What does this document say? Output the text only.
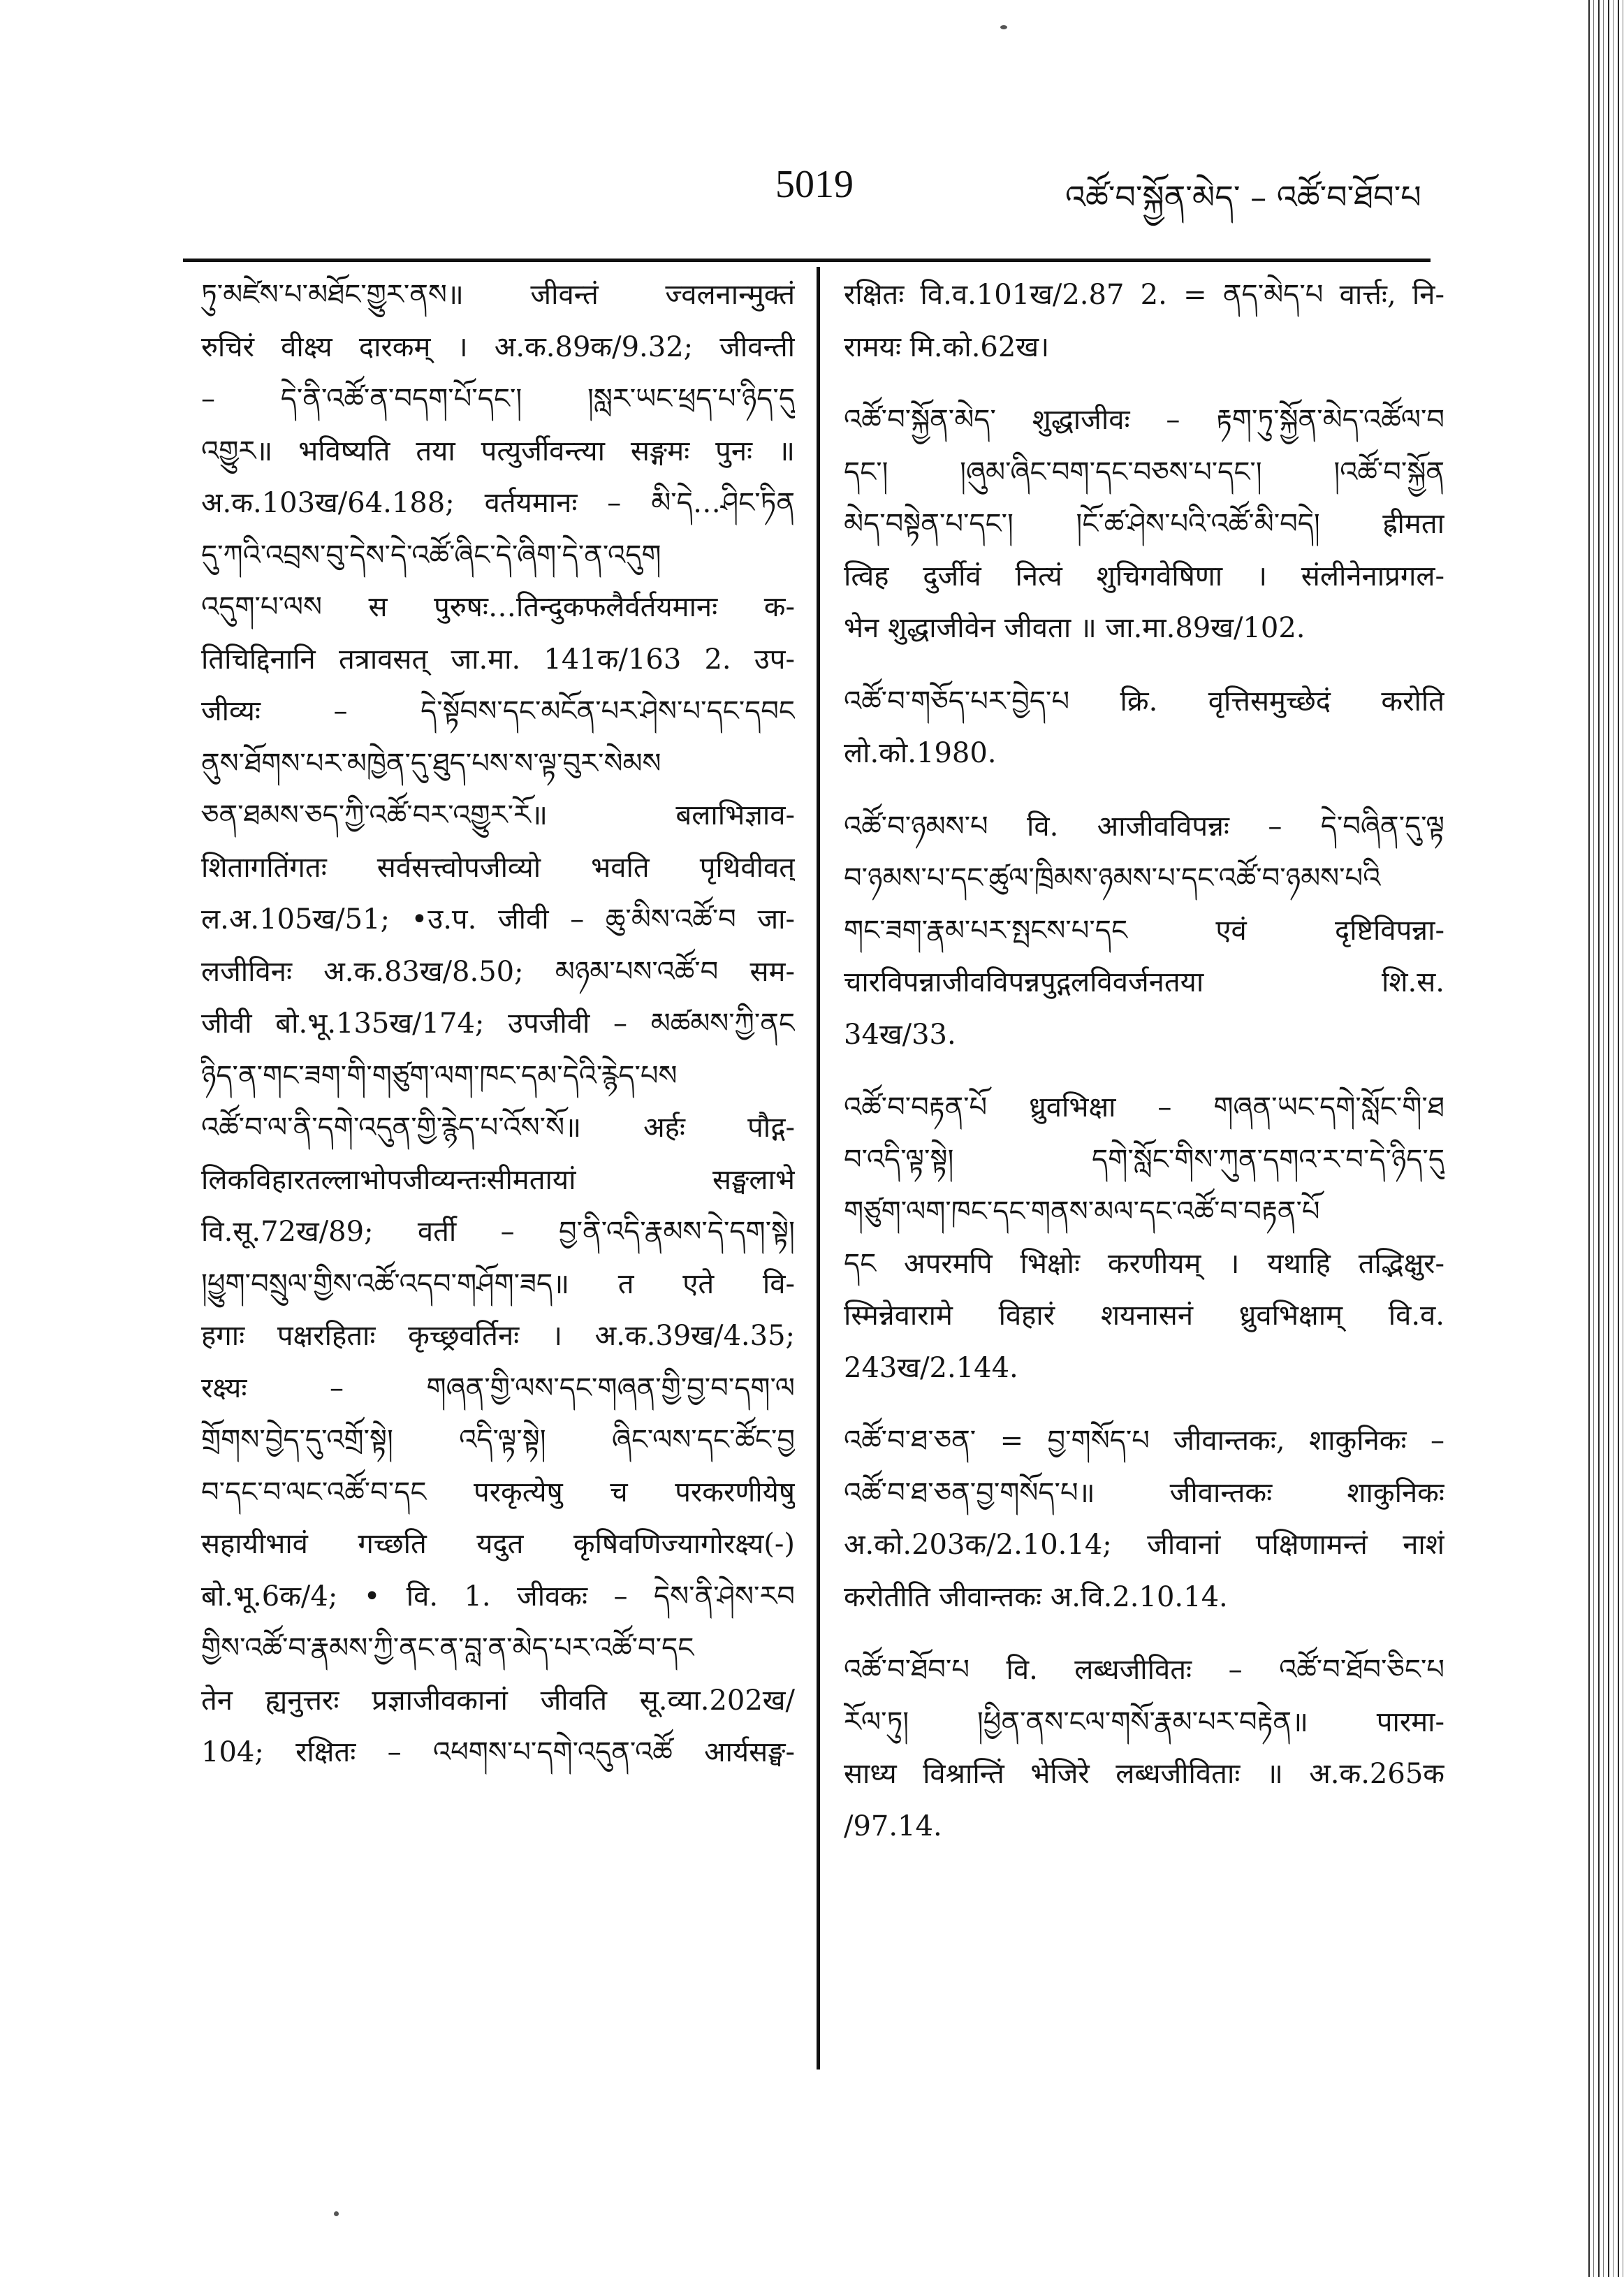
5019	འཚོ་བ་སྐྱོན་མེད་ – འཚོ་བ་ཐོབ་པ
ཏུ་མཛེས་པ་མཐོང་གྱུར་ནས॥ जीवन्तं ज्वलनान्मुक्तं
रुचिरं वीक्ष्य दारकम् । अ.क.89क/9.32; जीवन्ती
– དེ་ནི་འཚོ་ན་བདག་པོ་དང་། །སླར་ཡང་ཕྲད་པ་ཉིད་དུ
འགྱུར॥ भविष्यति तया पत्युर्जीवन्त्या सङ्गमः पुनः ॥
अ.क.103ख/64.188; वर्तयमानः – མི་དེ…ཤིང་ཏིན
དུ་ཀའི་འབྲས་བུ་དེས་དེ་འཚོ་ཞིང་དེ་ཞིག་དེ་ན་འདུག
འདུག་པ་ལས स पुरुषः…तिन्दुकफलैर्वर्तयमानः क-
तिचिद्दिनानि तत्रावसत् जा.मा. 141क/163 2. उप-
जीव्यः – དེ་སྟོབས་དང་མངོན་པར་ཤེས་པ་དང་དབང
ནུས་ཐོགས་པར་མཁྱེན་དུ་ཐུད་པས་ས་ལྟ་བུར་སེམས
ཅན་ཐམས་ཅད་ཀྱི་འཚོ་བར་འགྱུར་རོ॥ बलाभिज्ञाव-
शितागतिंगतः सर्वसत्त्वोपजीव्यो भवति पृथिवीवत्
ल.अ.105ख/51; •उ.प. जीवी – ཆུ་མིས་འཚོ་བ जा-
लजीविनः अ.क.83ख/8.50; མཉམ་པས་འཚོ་བ सम-
जीवी बो.भू.135ख/174; उपजीवी – མཚམས་ཀྱི་ནང
ཉིད་ན་གང་ཟག་གི་གཙུག་ལག་ཁང་དམ་དེའི་རྙེད་པས
འཚོ་བ་ལ་ནི་དགེ་འདུན་གྱི་རྙེད་པ་འོས་སོ॥ अर्हः पौद्ग-
लिकविहारतल्लाभोपजीव्यन्तःसीमतायां सङ्घलाभे
वि.सू.72ख/89; वर्ती – བྱ་ནི་འདི་རྣམས་དེ་དག་སྟེ།
།ཕྱུག་བསྲུལ་གྱིས་འཚོ་འདབ་གཤོག་ཟད॥ त एते वि-
हगाः पक्षरहिताः कृच्छ्रवर्तिनः । अ.क.39ख/4.35;
रक्ष्यः – གཞན་གྱི་ལས་དང་གཞན་གྱི་བྱ་བ་དག་ལ
གྲོགས་བྱེད་དུ་འགྲོ་སྟེ། འདི་ལྟ་སྟེ། ཞིང་ལས་དང་ཚོང་བྱ
བ་དང་བ་ལང་འཚོ་བ་དང परकृत्येषु च परकरणीयेषु
सहायीभावं गच्छति यदुत कृषिवणिज्यागोरक्ष्य(-)
बो.भू.6क/4; • वि. 1. जीवकः – དེས་ནི་ཤེས་རབ
གྱིས་འཚོ་བ་རྣམས་ཀྱི་ནང་ན་བླ་ན་མེད་པར་འཚོ་བ་དང
तेन ह्यनुत्तरः प्रज्ञाजीवकानां जीवति सू.व्या.202ख/
104; रक्षितः – འཕགས་པ་དགེ་འདུན་འཚོ आर्यसङ्घ-
रक्षितः वि.व.101ख/2.87 2. = ནད་མེད་པ वार्त्तः, नि-
रामयः मि.को.62ख।
འཚོ་བ་སྐྱོན་མེད་ शुद्धाजीवः – རྟག་ཏུ་སྐྱོན་མེད་འཚོལ་བ
དང་། །ཞུམ་ཞིང་བག་དང་བཅས་པ་དང་། །འཚོ་བ་སྐྱོན
མེད་བསྟེན་པ་དང་། །ངོ་ཚ་ཤེས་པའི་འཚོ་མི་བདེ། ह्रीमता
त्विह दुर्जीवं नित्यं शुचिगवेषिणा । संलीनेनाप्रगल-
भेन शुद्धाजीवेन जीवता ॥ जा.मा.89ख/102.
འཚོ་བ་གཅོད་པར་བྱེད་པ क्रि. वृत्तिसमुच्छेदं करोति
लो.को.1980.
འཚོ་བ་ཉམས་པ वि. आजीवविपन्नः – དེ་བཞིན་དུ་ལྟ
བ་ཉམས་པ་དང་ཚུལ་ཁྲིམས་ཉམས་པ་དང་འཚོ་བ་ཉམས་པའི
གང་ཟག་རྣམ་པར་སྤངས་པ་དང एवं दृष्टिविपन्ना-
चारविपन्नाजीवविपन्नपुद्गलविवर्जनतया शि.स.
34ख/33.
འཚོ་བ་བརྟན་པོ ध्रुवभिक्षा – གཞན་ཡང་དགེ་སློང་གི་ཐ
བ་འདི་ལྟ་སྟེ། དགེ་སློང་གིས་ཀུན་དགའ་ར་བ་དེ་ཉིད་དུ
གཙུག་ལག་ཁང་དང་གནས་མལ་དང་འཚོ་བ་བརྟན་པོ
དང अपरमपि भिक्षोः करणीयम् । यथाहि तद्भिक्षुर-
स्मिन्नेवारामे विहारं शयनासनं ध्रुवभिक्षाम् वि.व.
243ख/2.144.
འཚོ་བ་ཐ་ཅན་ = བྱ་གསོད་པ जीवान्तकः, शाकुनिकः –
འཚོ་བ་ཐ་ཅན་བྱ་གསོད་པ॥ जीवान्तकः शाकुनिकः
अ.को.203क/2.10.14; जीवानां पक्षिणामन्तं नाशं
करोतीति जीवान्तकः अ.वि.2.10.14.
འཚོ་བ་ཐོབ་པ वि. लब्धजीवितः – འཚོ་བ་ཐོབ་ཅིང་པ
རོལ་ཏུ། །ཕྱིན་ནས་ངལ་གསོ་རྣམ་པར་བརྟེན॥ पारमा-
साध्य विश्रान्तिं भेजिरे लब्धजीविताः ॥ अ.क.265क
/97.14.
